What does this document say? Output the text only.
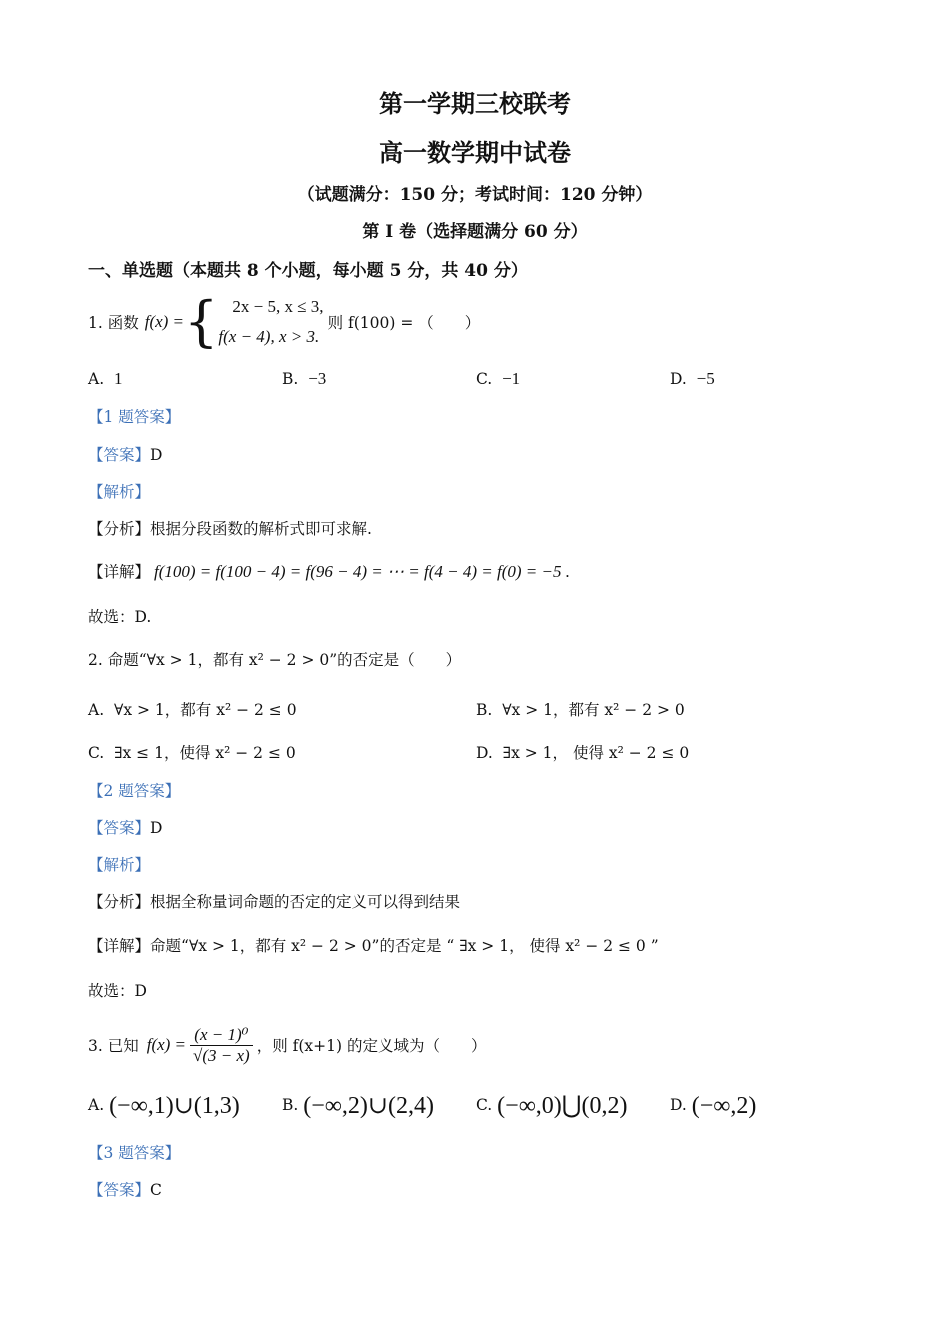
第一学期三校联考
高一数学期中试卷
（试题满分：150 分；考试时间：120 分钟）
第 I 卷（选择题满分 60 分）
一、单选题（本题共 8 个小题，每小题 5 分，共 40 分）
1. 函数 f(x) = { 2x − 5, x ≤ 3,
f(x − 4), x > 3.
则 f(100) = （　　）
A. 1	B. −3	C. −1	D. −5
【1 题答案】
【答案】D
【解析】
【分析】根据分段函数的解析式即可求解.
【详解】 f(100) = f(100 − 4) = f(96 − 4) = ⋯ = f(4 − 4) = f(0) = −5 .
故选：D.
2. 命题“∀x > 1，都有 x² − 2 > 0”的否定是（　　）
A. ∀x > 1，都有 x² − 2 ≤ 0	B. ∀x > 1，都有 x² − 2 > 0
C. ∃x ≤ 1，使得 x² − 2 ≤ 0	D. ∃x > 1， 使得 x² − 2 ≤ 0
【2 题答案】
【答案】D
【解析】
【分析】根据全称量词命题的否定的定义可以得到结果
【详解】命题“∀x > 1，都有 x² − 2 > 0”的否定是 “ ∃x > 1， 使得 x² − 2 ≤ 0 ”
故选：D
3. 已知 $f(x) = \frac{\text{(x − 1)⁰}}{√(3 - x)}$ ，则 f(x+1) 的定义域为（　　）
A. (−∞,1)∪(1,3)	B. (−∞,2)∪(2,4)	C. (−∞,0)⋃(0,2)	D. (−∞,2)
【3 题答案】
【答案】C
